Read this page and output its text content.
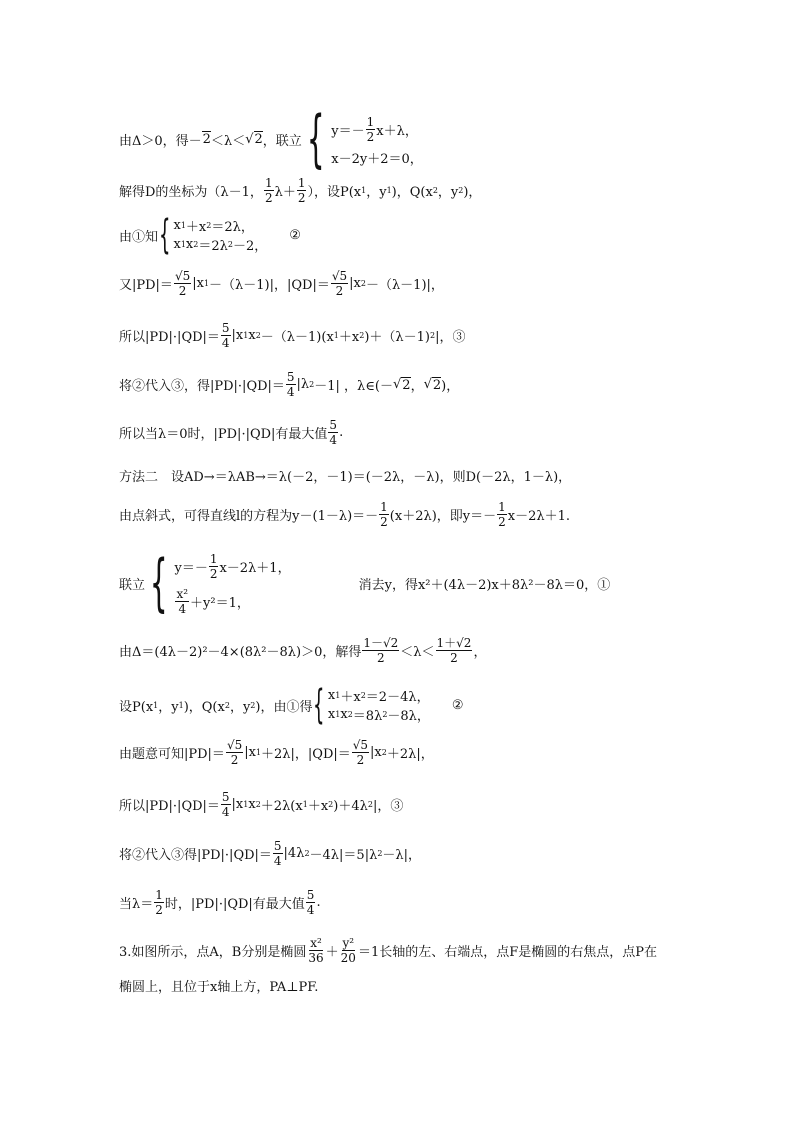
由Δ＞0，得－ 2 ＜λ＜ √ 2 ，联立 { $y=- \frac{1}{2} x+\lambda$，
x－2y＋2＝0，
解得D的坐标为（λ－1， $\frac{1}{2} \lambda+ \frac{1}{2}$ ），设P(x 1 ，y 1 )，Q(x 2 ，y 2 )，
由①知 { x 1 ＋x 2 ＝2λ，
x 1 x 2 ＝2λ 2 －2，
②
又$|PD|= \frac{√5}{2} |x$ 1 －（λ－1)|，$|QD|= \frac{√5}{2} |x$ 2 －（λ－1)|，
所以$|PD|\cdot|QD|= \frac{5}{4} |x$ 1 x 2 －（λ－1)(x 1 ＋x 2 )＋（λ－1) 2 |，③
将②代入③，得$|PD|\cdot|QD|= \frac{5}{4} |\lambda$ 2 －1| ，λ∈(－ √ 2 ， √ 2 )，
所以当λ＝0时，|PD|·|QD|有最大值 $\frac{5}{4}$ .
方法二　设AD→＝λAB→＝λ(－2，－1)＝(－2λ，－λ)，则D(－2λ，1－λ)，
由点斜式，可得直线l的方程为$y-(1-\lambda)=- \frac{1}{2} (x+2\lambda)$，即$y=- \frac{1}{2} x-2\lambda+1$.
联立 { $y=- \frac{1}{2} x-2\lambda+1$，
$\frac{\text{x²}}{4} +y^2=1$，
消去y，得x²＋(4λ－2)x＋8λ²－8λ＝0，①
由Δ＝(4λ－2)²－4×(8λ²－8λ)＞0，解得 $\frac{1-√2}{2} <\lambda< \frac{1+√2}{2}$ ，
设P(x 1 ，y 1 )，Q(x 2 ，y 2 )，由①得 { x 1 ＋x 2 ＝2－4λ，
x 1 x 2 ＝8λ 2 －8λ，
②
由题意可知$|PD|= \frac{√5}{2} |x$ 1 ＋2λ|，$|QD|= \frac{√5}{2} |x$ 2 ＋2λ|，
所以$|PD|\cdot|QD|= \frac{5}{4} |x$ 1 x 2 ＋2λ(x 1 ＋x 2 )＋4λ 2 |，③
将②代入③得$|PD|\cdot|QD|= \frac{5}{4} |4\lambda$ 2 －4λ|＝5|λ 2 －λ|，
当$\lambda= \frac{1}{2}$ 时，|PD|·|QD|有最大值 $\frac{5}{4}$ .
3.如图所示，点A，B分别是椭圆 $\frac{\text{x²}}{36} + \frac{\text{y²}}{20} =1$长轴的左、右端点，点F是椭圆的右焦点，点P在
椭圆上，且位于x轴上方，PA⊥PF.
